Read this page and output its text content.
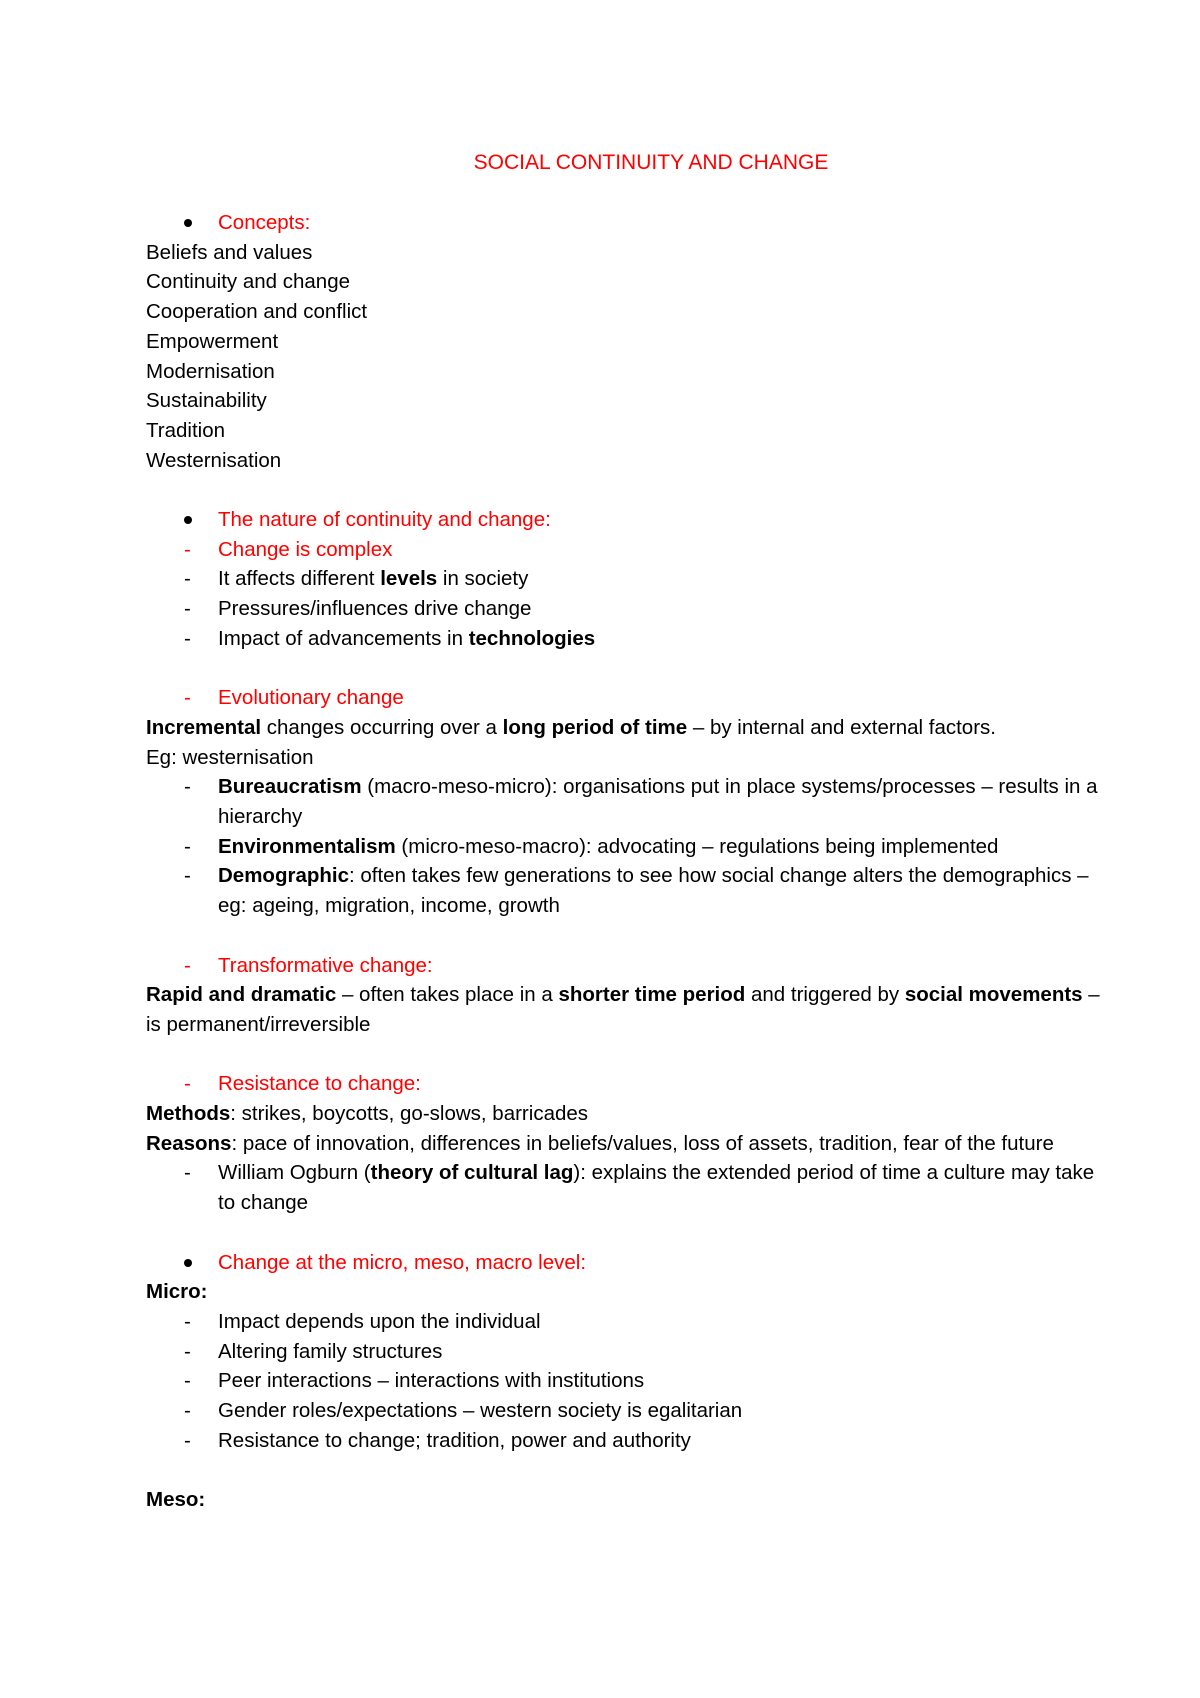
SOCIAL CONTINUITY AND CHANGE
Concepts:
Beliefs and values
Continuity and change
Cooperation and conflict
Empowerment
Modernisation
Sustainability
Tradition
Westernisation
The nature of continuity and change:
- Change is complex
- It affects different levels in society
- Pressures/influences drive change
- Impact of advancements in technologies
- Evolutionary change
Incremental changes occurring over a long period of time – by internal and external factors.
Eg: westernisation
- Bureaucratism (macro-meso-micro): organisations put in place systems/processes – results in a hierarchy
- Environmentalism (micro-meso-macro): advocating – regulations being implemented
- Demographic: often takes few generations to see how social change alters the demographics – eg: ageing, migration, income, growth
- Transformative change:
Rapid and dramatic – often takes place in a shorter time period and triggered by social movements – is permanent/irreversible
- Resistance to change:
Methods: strikes, boycotts, go-slows, barricades
Reasons: pace of innovation, differences in beliefs/values, loss of assets, tradition, fear of the future
- William Ogburn (theory of cultural lag): explains the extended period of time a culture may take to change
Change at the micro, meso, macro level:
Micro:
- Impact depends upon the individual
- Altering family structures
- Peer interactions – interactions with institutions
- Gender roles/expectations – western society is egalitarian
- Resistance to change; tradition, power and authority
Meso:
